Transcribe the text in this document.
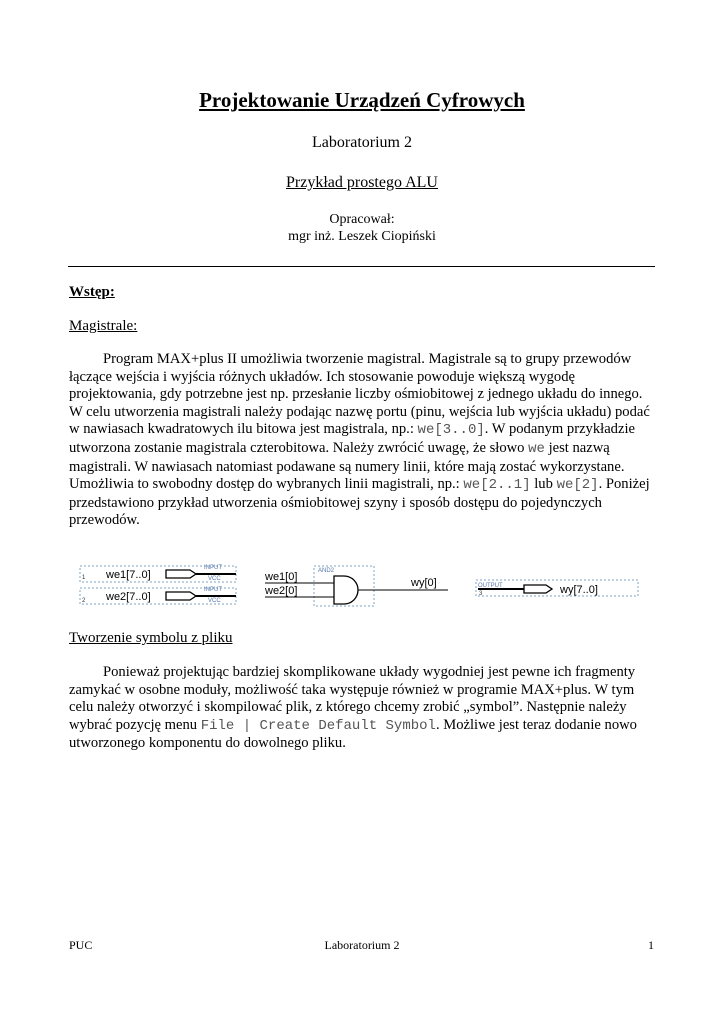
Projektowanie Urządzeń Cyfrowych
Laboratorium 2
Przykład prostego ALU
Opracował:
mgr inż. Leszek Ciopiński
Wstęp:
Magistrale:

Program MAX+plus II umożliwia tworzenie magistral. Magistrale są to grupy przewodów łączące wejścia i wyjścia różnych układów. Ich stosowanie powoduje większą wygodę projektowania, gdy potrzebne jest np. przesłanie liczby ośmiobitowej z jednego układu do innego. W celu utworzenia magistrali należy podając nazwę portu (pinu, wejścia lub wyjścia układu) podać w nawiasach kwadratowych ilu bitowa jest magistrala, np.: we[3..0]. W podanym przykładzie utworzona zostanie magistrala czterobitowa. Należy zwrócić uwagę, że słowo we jest nazwą magistrali. W nawiasach natomiast podawane są numery linii, które mają zostać wykorzystane. Umożliwia to swobodny dostęp do wybranych linii magistrali, np.: we[2..1] lub we[2]. Poniżej przedstawiono przykład utworzenia ośmiobitowej szyny i sposób dostępu do pojedynczych przewodów.

1 we1[7..0]
INPUT
VCC
2 we2[7..0]
INPUT
VCC
AND2
we1[0]
we2[0]
wy[0]	OUTPUT
3	wy[7..0]
Tworzenie symbolu z pliku

Ponieważ projektując bardziej skomplikowane układy wygodniej jest pewne ich fragmenty zamykać w osobne moduły, możliwość taka występuje również w programie MAX+plus. W tym celu należy otworzyć i skompilować plik, z którego chcemy zrobić „symbol”. Następnie należy wybrać pozycję menu File | Create Default Symbol. Możliwe jest teraz dodanie nowo utworzonego komponentu do dowolnego pliku.

PUC	Laboratorium 2	1
